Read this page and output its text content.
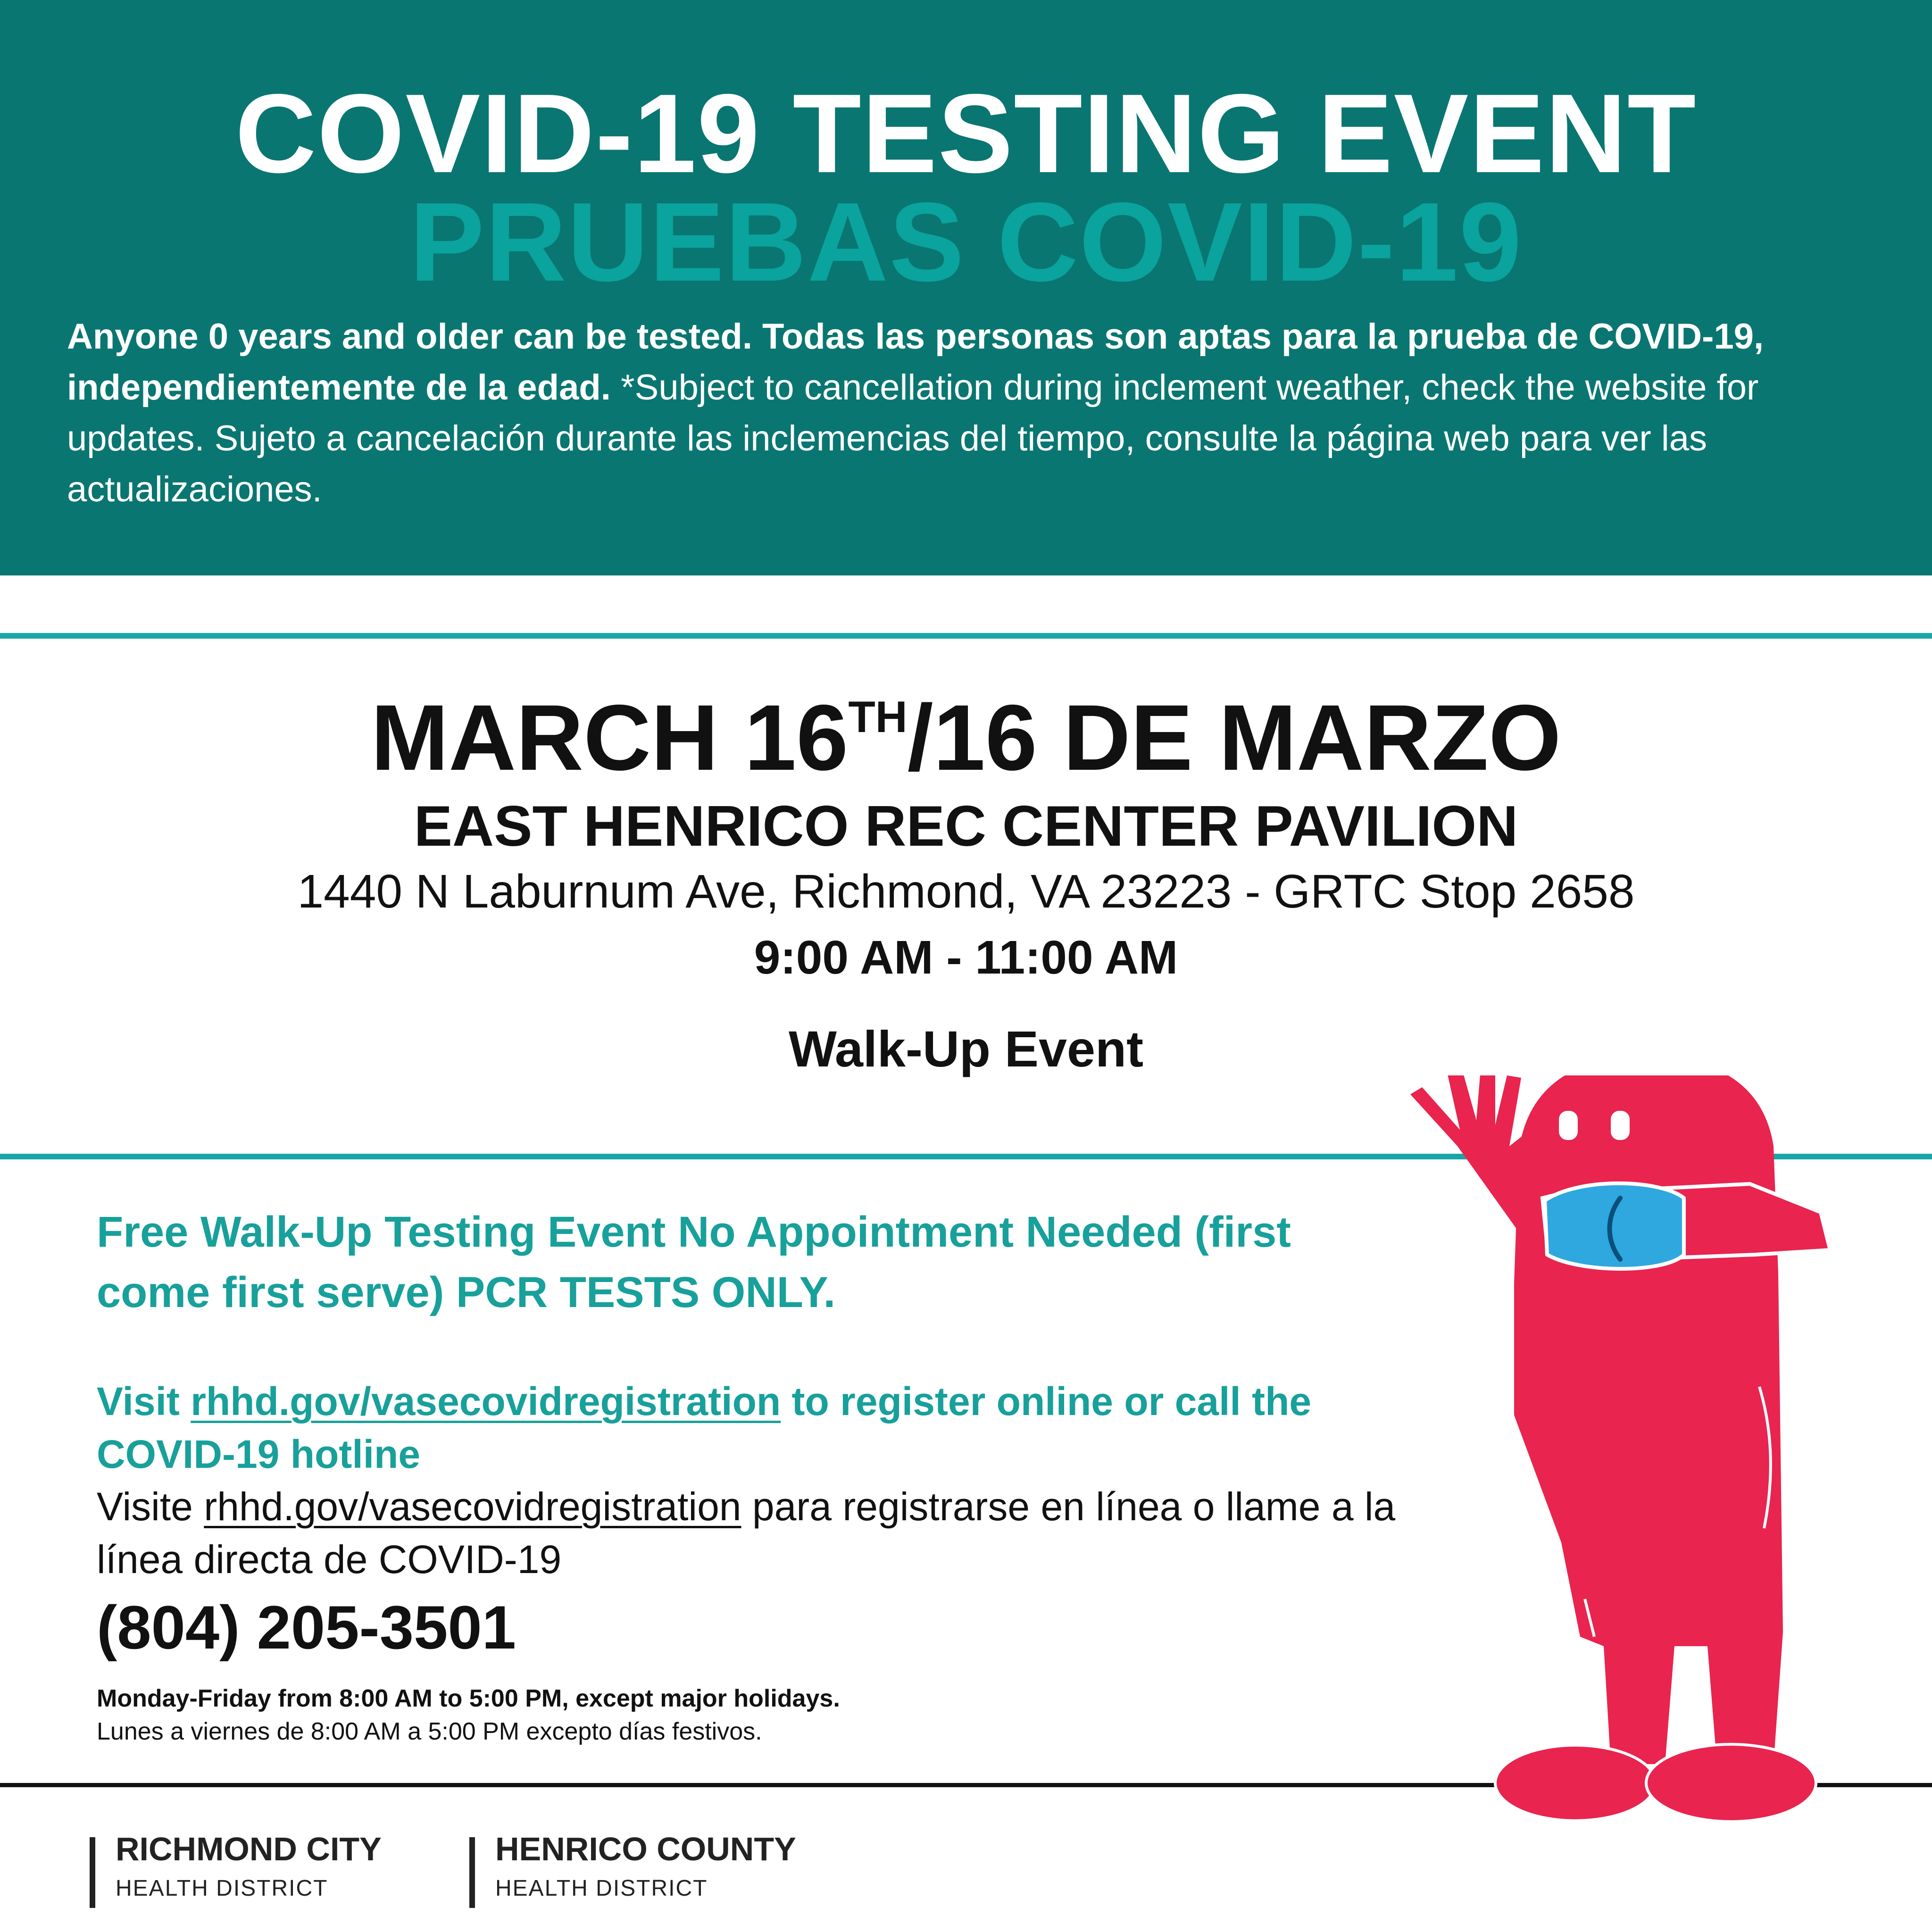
COVID-19 TESTING EVENT
PRUEBAS COVID-19
Anyone 0 years and older can be tested. Todas las personas son aptas para la prueba de COVID-19, independientemente de la edad. *Subject to cancellation during inclement weather, check the website for updates. Sujeto a cancelación durante las inclemencias del tiempo, consulte la página web para ver las actualizaciones.
MARCH 16TH/16 DE MARZO
EAST HENRICO REC CENTER PAVILION
1440 N Laburnum Ave, Richmond, VA 23223 - GRTC Stop 2658
9:00 AM - 11:00 AM
Walk-Up Event
Free Walk-Up Testing Event No Appointment Needed (first come first serve) PCR TESTS ONLY.
Visit rhhd.gov/vasecovidregistration to register online or call the COVID-19 hotline
Visite rhhd.gov/vasecovidregistration para registrarse en línea o llame a la línea directa de COVID-19
(804) 205-3501
Monday-Friday from 8:00 AM to 5:00 PM, except major holidays.
Lunes a viernes de 8:00 AM a 5:00 PM excepto días festivos.
RICHMOND CITY
HEALTH DISTRICT
HENRICO COUNTY
HEALTH DISTRICT
